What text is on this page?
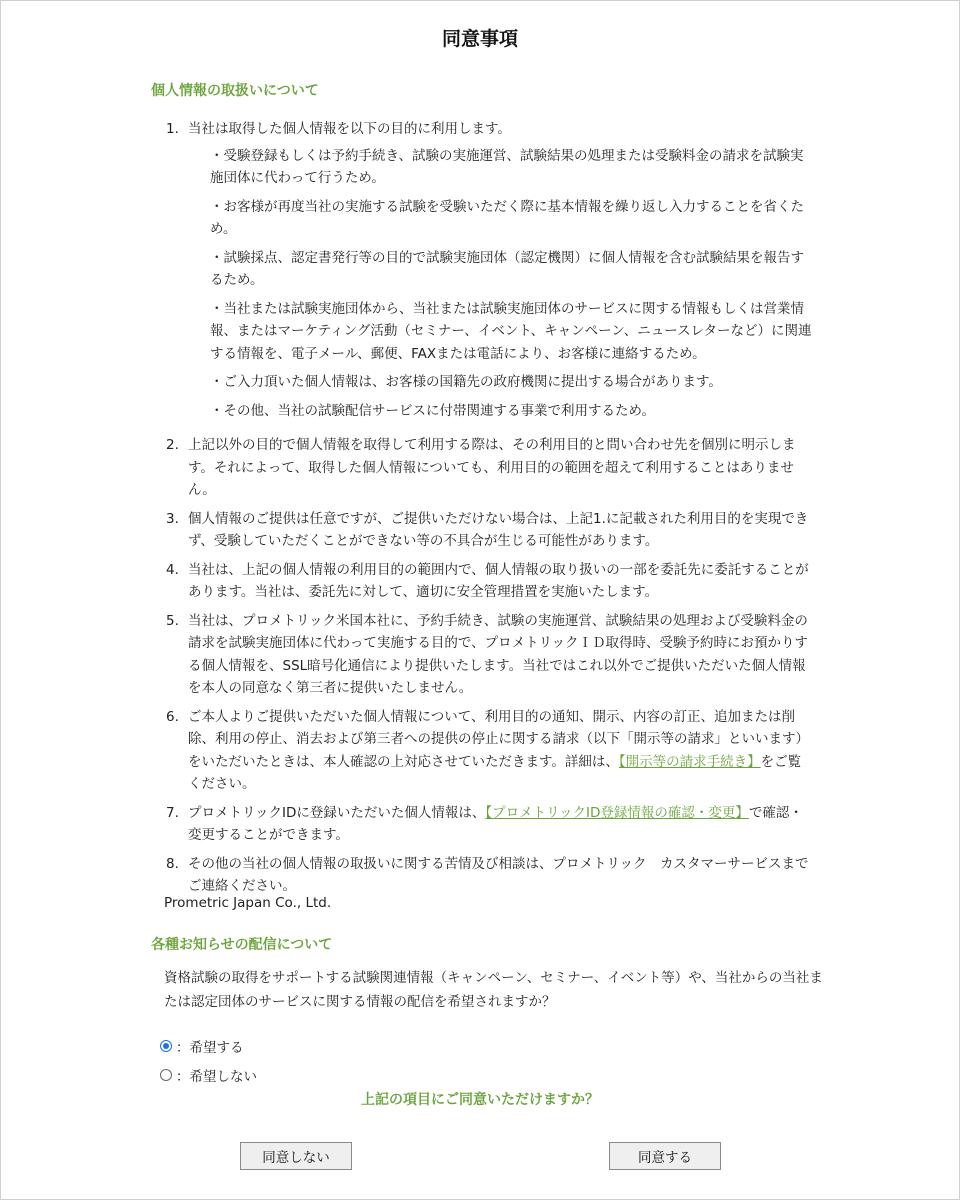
同意事項
個人情報の取扱いについて
1. 当社は取得した個人情報を以下の目的に利用します。
・受験登録もしくは予約手続き、試験の実施運営、試験結果の処理または受験料金の請求を試験実施団体に代わって行うため。
・お客様が再度当社の実施する試験を受験いただく際に基本情報を繰り返し入力することを省くため。
・試験採点、認定書発行等の目的で試験実施団体（認定機関）に個人情報を含む試験結果を報告するため。
・当社または試験実施団体から、当社または試験実施団体のサービスに関する情報もしくは営業情報、またはマーケティング活動（セミナー、イベント、キャンペーン、ニュースレターなど）に関連する情報を、電子メール、郵便、FAXまたは電話により、お客様に連絡するため。
・ご入力頂いた個人情報は、お客様の国籍先の政府機関に提出する場合があります。
・その他、当社の試験配信サービスに付帯関連する事業で利用するため。
2. 上記以外の目的で個人情報を取得して利用する際は、その利用目的と問い合わせ先を個別に明示します。それによって、取得した個人情報についても、利用目的の範囲を超えて利用することはありません。
3. 個人情報のご提供は任意ですが、ご提供いただけない場合は、上記1.に記載された利用目的を実現できず、受験していただくことができない等の不具合が生じる可能性があります。
4. 当社は、上記の個人情報の利用目的の範囲内で、個人情報の取り扱いの一部を委託先に委託することがあります。当社は、委託先に対して、適切に安全管理措置を実施いたします。
5. 当社は、プロメトリック米国本社に、予約手続き、試験の実施運営、試験結果の処理および受験料金の請求を試験実施団体に代わって実施する目的で、プロメトリックＩＤ取得時、受験予約時にお預かりする個人情報を、SSL暗号化通信により提供いたします。当社ではこれ以外でご提供いただいた個人情報を本人の同意なく第三者に提供いたしません。
6. ご本人よりご提供いただいた個人情報について、利用目的の通知、開示、内容の訂正、追加または削除、利用の停止、消去および第三者への提供の停止に関する請求（以下「開示等の請求」といいます）をいただいたときは、本人確認の上対応させていただきます。詳細は、【開示等の請求手続き】をご覧ください。
7. プロメトリックIDに登録いただいた個人情報は、【プロメトリックID登録情報の確認・変更】で確認・変更することができます。
8. その他の当社の個人情報の取扱いに関する苦情及び相談は、プロメトリック　カスタマーサービスまでご連絡ください。
Prometric Japan Co., Ltd.
各種お知らせの配信について
資格試験の取得をサポートする試験関連情報（キャンペーン、セミナー、イベント等）や、当社からの当社または認定団体のサービスに関する情報の配信を希望されますか？
：希望する
：希望しない
上記の項目にご同意いただけますか？
同意しない	同意する
